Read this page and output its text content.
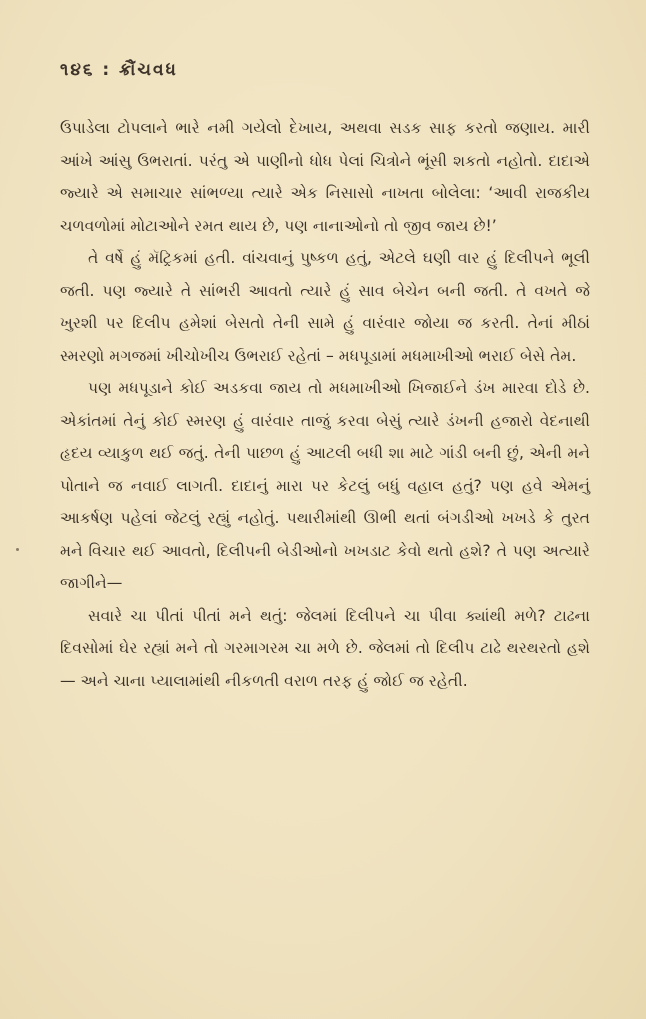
૧૪૬ : ક્રૌંચવધ

ઉપાડેલા ટોપલાને ભારે નમી ગયેલો દેખાય, અથવા સડક સાફ કરતો જણાય. મારી આંખે આંસુ ઉભરાતાં. પરંતુ એ પાણીનો ધોધ પેલાં ચિત્રોને ભૂંસી શકતો નહોતો. દાદાએ જ્યારે એ સમાચાર સાંભળ્યા ત્યારે એક નિસાસો નાખતા બોલેલા: ‘આવી રાજકીય ચળવળોમાં મોટાઓને રમત થાય છે, પણ નાનાઓનો તો જીવ જાય છે!’

તે વર્ષે હું મૅટ્રિકમાં હતી. વાંચવાનું પુષ્કળ હતું, એટલે ઘણી વાર હું દિલીપને ભૂલી જતી. પણ જ્યારે તે સાંભરી આવતો ત્યારે હું સાવ બેચેન બની જતી. તે વખતે જે ખુરશી પર દિલીપ હમેશાં બેસતો તેની સામે હું વારંવાર જોયા જ કરતી. તેનાં મીઠાં સ્મરણો મગજમાં ખીચોખીચ ઉભરાઈ રહેતાં – મધપૂડામાં મધમાખીઓ ભરાઈ બેસે તેમ.

પણ મધપૂડાને કોઈ અડકવા જાય તો મધમાખીઓ ખિજાઈને ડંખ મારવા દોડે છે. એકાંતમાં તેનું કોઈ સ્મરણ હું વારંવાર તાજું કરવા બેસું ત્યારે ડંખની હજારો વેદનાથી હૃદય વ્યાકુળ થઈ જતું. તેની પાછળ હું આટલી બધી શા માટે ગાંડી બની છું, એની મને પોતાને જ નવાઈ લાગતી. દાદાનું મારા પર કેટલું બધું વહાલ હતું? પણ હવે એમનું આકર્ષણ પહેલાં જેટલું રહ્યું નહોતું. પથારીમાંથી ઊભી થતાં બંગડીઓ ખખડે કે તુરત મને વિચાર થઈ આવતો, દિલીપની બેડીઓનો ખખડાટ કેવો થતો હશે? તે પણ અત્યારે જાગીને—

સવારે ચા પીતાં પીતાં મને થતું: જેલમાં દિલીપને ચા પીવા ક્યાંથી મળે? ટાઢના દિવસોમાં ઘેર રહ્યાં મને તો ગરમાગરમ ચા મળે છે. જેલમાં તો દિલીપ ટાઢે થરથરતો હશે — અને ચાના પ્યાલામાંથી નીકળતી વરાળ તરફ હું જોઈ જ રહેતી.
